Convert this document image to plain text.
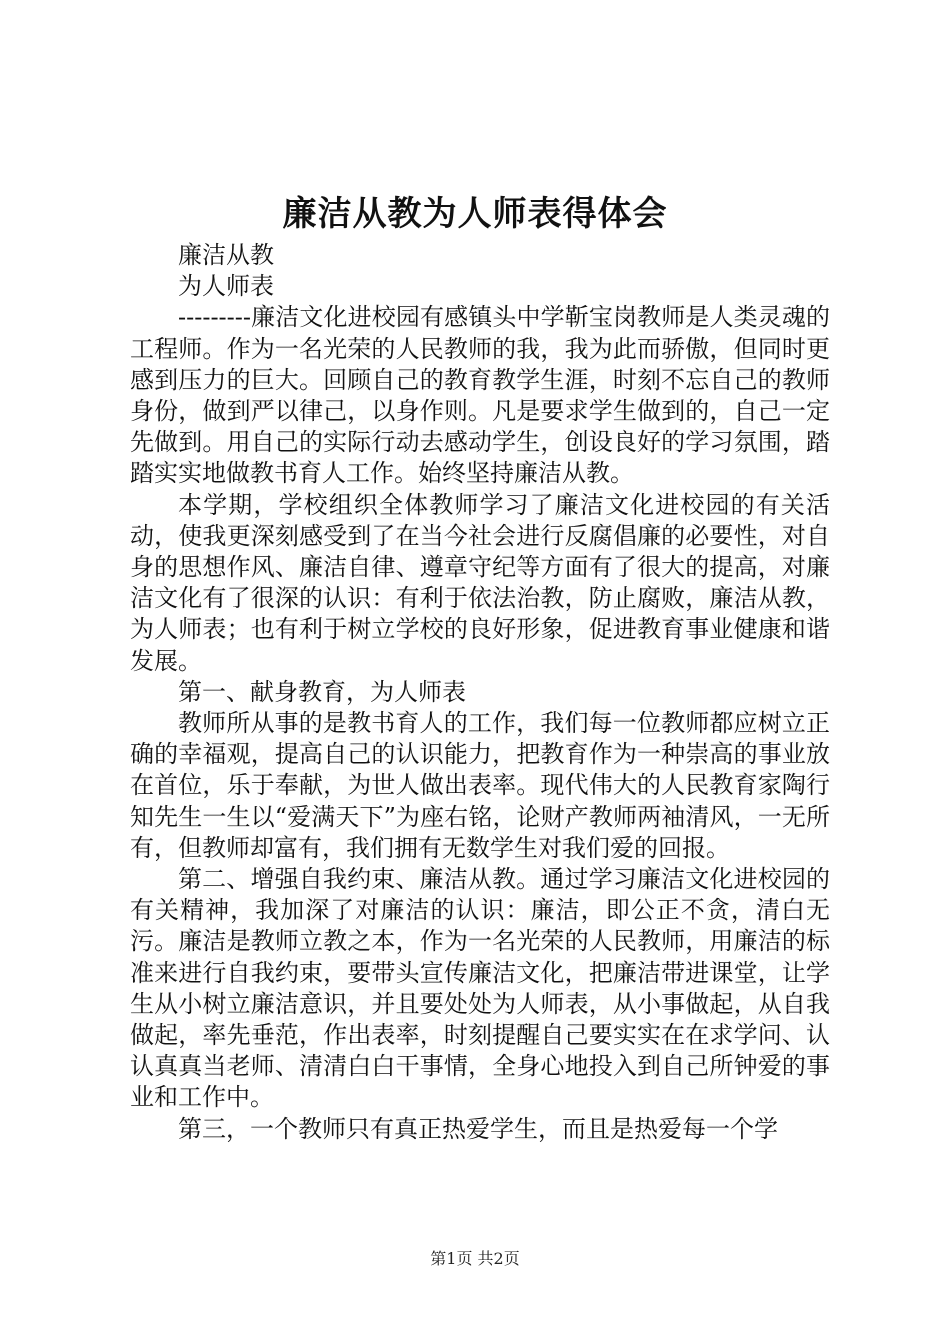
廉洁从教为人师表得体会

廉洁从教

为人师表

---------廉洁文化进校园有感镇头中学靳宝岗教师是人类灵魂的工程师。作为一名光荣的人民教师的我，我为此而骄傲，但同时更感到压力的巨大。回顾自己的教育教学生涯，时刻不忘自己的教师身份，做到严以律己，以身作则。凡是要求学生做到的，自己一定先做到。用自己的实际行动去感动学生，创设良好的学习氛围，踏踏实实地做教书育人工作。始终坚持廉洁从教。

本学期，学校组织全体教师学习了廉洁文化进校园的有关活动，使我更深刻感受到了在当今社会进行反腐倡廉的必要性，对自身的思想作风、廉洁自律、遵章守纪等方面有了很大的提高，对廉洁文化有了很深的认识：有利于依法治教，防止腐败，廉洁从教，为人师表；也有利于树立学校的良好形象，促进教育事业健康和谐发展。

第一、献身教育，为人师表

教师所从事的是教书育人的工作，我们每一位教师都应树立正确的幸福观，提高自己的认识能力，把教育作为一种崇高的事业放在首位，乐于奉献，为世人做出表率。现代伟大的人民教育家陶行知先生一生以“爱满天下”为座右铭，论财产教师两袖清风，一无所有，但教师却富有，我们拥有无数学生对我们爱的回报。

第二、增强自我约束、廉洁从教。通过学习廉洁文化进校园的有关精神，我加深了对廉洁的认识：廉洁，即公正不贪，清白无污。廉洁是教师立教之本，作为一名光荣的人民教师，用廉洁的标准来进行自我约束，要带头宣传廉洁文化，把廉洁带进课堂，让学生从小树立廉洁意识，并且要处处为人师表，从小事做起，从自我做起，率先垂范，作出表率，时刻提醒自己要实实在在求学问、认认真真当老师、清清白白干事情，全身心地投入到自己所钟爱的事业和工作中。

第三，一个教师只有真正热爱学生，而且是热爱每一个学

第1页 共2页
